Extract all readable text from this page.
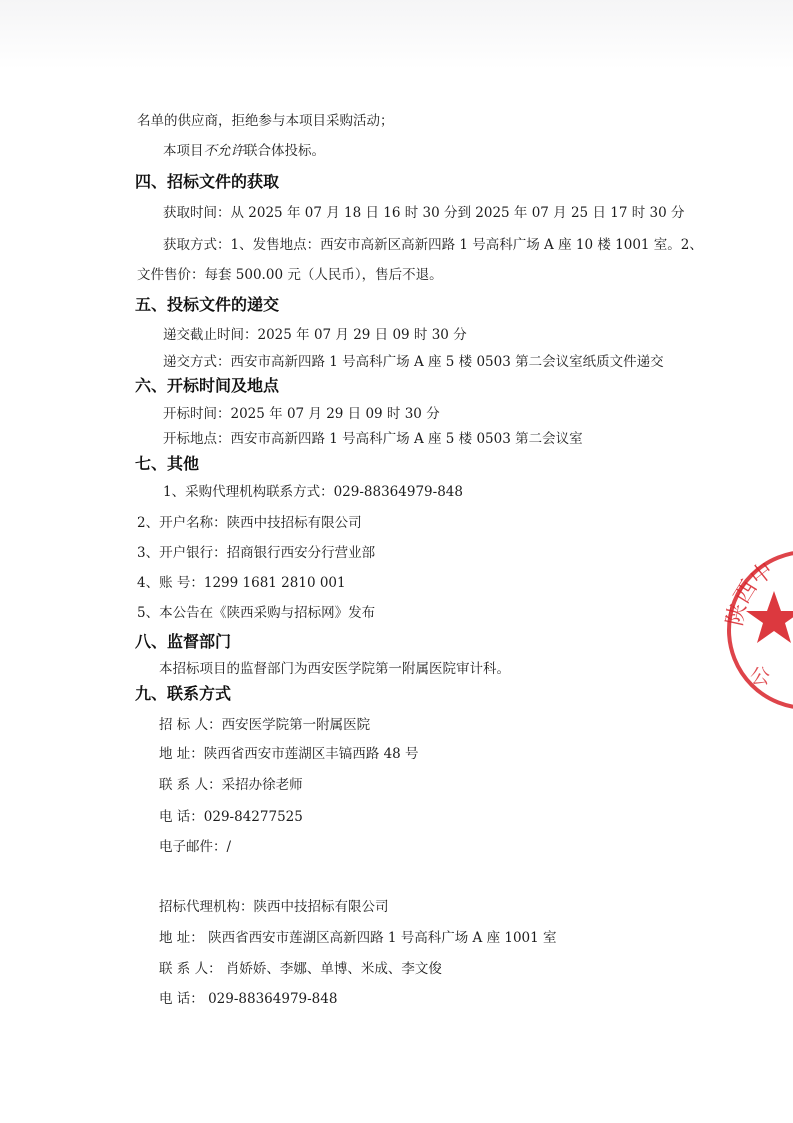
名单的供应商，拒绝参与本项目采购活动；

本项目不允许联合体投标。

四、招标文件的获取

获取时间：从 2025 年 07 月 18 日 16 时 30 分到 2025 年 07 月 25 日 17 时 30 分

获取方式：1、发售地点：西安市高新区高新四路 1 号高科广场 A 座 10 楼 1001 室。2、

文件售价：每套 500.00 元（人民币），售后不退。

五、投标文件的递交

递交截止时间：2025 年 07 月 29 日 09 时 30 分

递交方式：西安市高新四路 1 号高科广场 A 座 5 楼 0503 第二会议室纸质文件递交

六、开标时间及地点

开标时间：2025 年 07 月 29 日 09 时 30 分

开标地点：西安市高新四路 1 号高科广场 A 座 5 楼 0503 第二会议室

七、其他

1、采购代理机构联系方式：029-88364979-848

2、开户名称：陕西中技招标有限公司

3、开户银行：招商银行西安分行营业部

4、账 号：1299 1681 2810 001

5、本公告在《陕西采购与招标网》发布

八、监督部门

本招标项目的监督部门为西安医学院第一附属医院审计科。

九、联系方式

招 标 人：西安医学院第一附属医院

地 址：陕西省西安市莲湖区丰镐西路 48 号

联 系 人：采招办徐老师

电 话：029-84277525

电子邮件：/

招标代理机构：陕西中技招标有限公司

地 址： 陕西省西安市莲湖区高新四路 1 号高科广场 A 座 1001 室

联 系 人： 肖娇娇、李娜、单博、米成、李文俊

电 话： 029-88364979-848

陕西中
公
